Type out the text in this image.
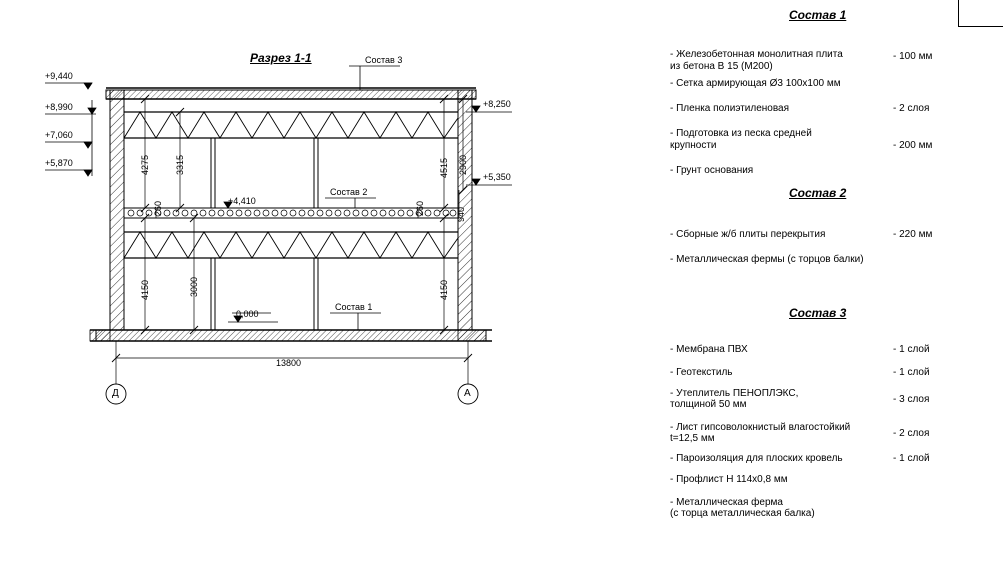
Разрез 1-1	Состав 3
Состав 2
Состав 1
+9,440
+8,990
+7,060
+5,870
+8,250
+5,350
+4,410
0,000
4275	3315
260
4150	3000
4515 2900
260	940
4150
13800
Д	А
Состав 1
- Железобетонная монолитная плита
из бетона В 15 (М200)
- 100 мм
- Сетка армирующая Ø3 100х100 мм
- Пленка полиэтиленовая	- 2 слоя
- Подготовка из песка средней
крупности	- 200 мм
- Грунт основания
Состав 2
- Сборные ж/б плиты перекрытия	- 220 мм
- Металлическая фермы (с торцов балки)
Состав 3
- Мембрана ПВХ	- 1 слой
- Геотекстиль	- 1 слой
- Утеплитель ПЕНОПЛЭКС,
толщиной 50 мм	- 3 слоя
- Лист гипсоволокнистый влагостойкий
t=12,5 мм	- 2 слоя
- Пароизоляция для плоских кровель	- 1 слой
- Профлист Н 114х0,8 мм
- Металлическая ферма
(с торца металлическая балка)
